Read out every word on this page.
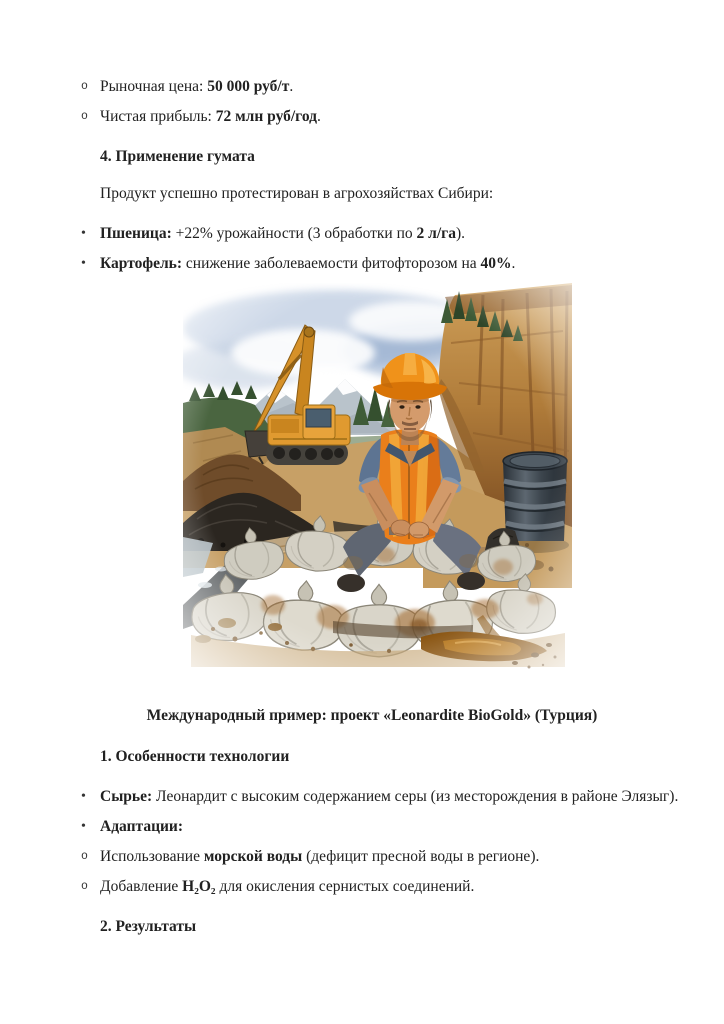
o Рыночная цена: 50 000 руб/т.
o Чистая прибыль: 72 млн руб/год.
4. Применение гумата
Продукт успешно протестирован в агрохозяйствах Сибири:
• Пшеница: +22% урожайности (3 обработки по 2 л/га).
• Картофель: снижение заболеваемости фитофторозом на 40%.
Международный пример: проект «Leonardite BioGold» (Турция)
1. Особенности технологии
• Сырье: Леонардит с высоким содержанием серы (из месторождения в районе Элязыг).
• Адаптации:
o Использование морской воды (дефицит пресной воды в регионе).
o Добавление H₂O₂ для окисления сернистых соединений.
2. Результаты
